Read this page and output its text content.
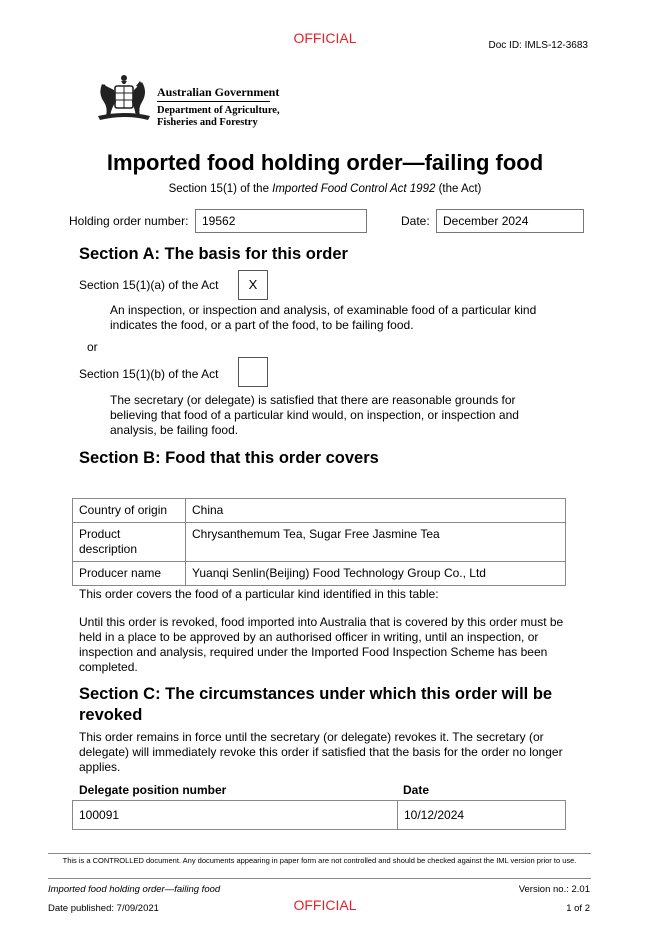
OFFICIAL	Doc ID: IMLS-12-3683
Australian Government
Department of Agriculture,
Fisheries and Forestry
Imported food holding order—failing food
Section 15(1) of the Imported Food Control Act 1992 (the Act)
Holding order number:	19562	Date:	December 2024
Section A: The basis for this order
Section 15(1)(a) of the Act	X
An inspection, or inspection and analysis, of examinable food of a particular kind indicates the food, or a part of the food, to be failing food.
or
Section 15(1)(b) of the Act
The secretary (or delegate) is satisfied that there are reasonable grounds for believing that food of a particular kind would, on inspection, or inspection and analysis, be failing food.
Section B: Food that this order covers
Country of origin	China
Product description	Chrysanthemum Tea, Sugar Free Jasmine Tea
Producer name	Yuanqi Senlin(Beijing) Food Technology Group Co., Ltd
This order covers the food of a particular kind identified in this table:
Until this order is revoked, food imported into Australia that is covered by this order must be held in a place to be approved by an authorised officer in writing, until an inspection, or inspection and analysis, required under the Imported Food Inspection Scheme has been completed.
Section C: The circumstances under which this order will be revoked
This order remains in force until the secretary (or delegate) revokes it. The secretary (or delegate) will immediately revoke this order if satisfied that the basis for the order no longer applies.
Delegate position number	Date
100091	10/12/2024
This is a CONTROLLED document. Any documents appearing in paper form are not controlled and should be checked against the IML version prior to use.
Imported food holding order—failing food	Version no.: 2.01
Date published: 7/09/2021	OFFICIAL	1 of 2
